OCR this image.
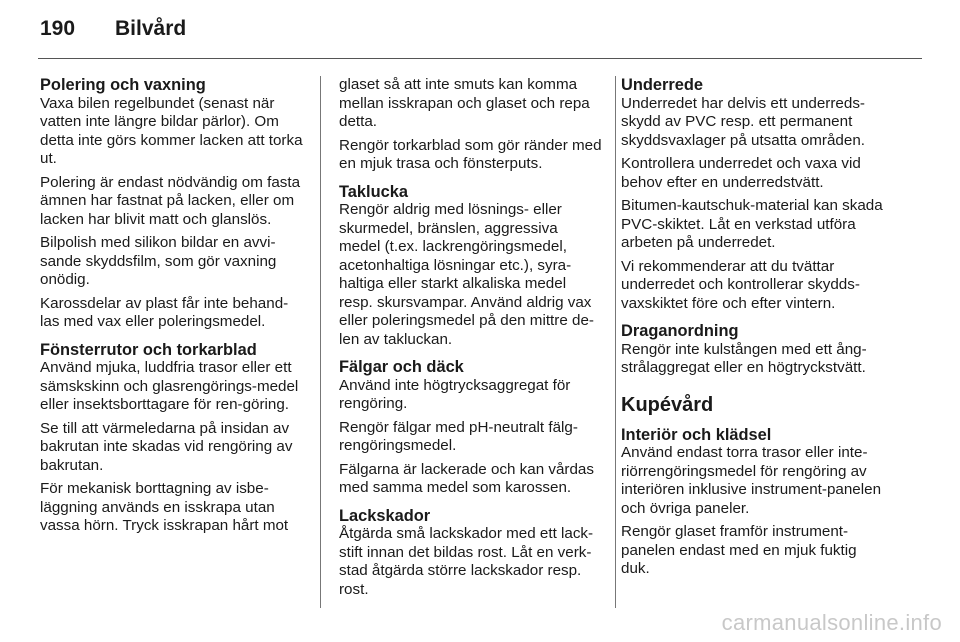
190	Bilvård
Polering och vaxning

Vaxa bilen regelbundet (senast när vatten inte längre bildar pärlor). Om detta inte görs kommer lacken att torka ut.

Polering är endast nödvändig om fasta ämnen har fastnat på lacken, eller om lacken har blivit matt och glanslös.

Bilpolish med silikon bildar en avvi-sande skyddsfilm, som gör vaxning onödig.

Karossdelar av plast får inte behand-las med vax eller poleringsmedel.

Fönsterrutor och torkarblad

Använd mjuka, luddfria trasor eller ett sämskskinn och glasrengörings-medel eller insektsborttagare för ren-göring.

Se till att värmeledarna på insidan av bakrutan inte skadas vid rengöring av bakrutan.

För mekanisk borttagning av isbe-läggning används en isskrapa utan vassa hörn. Tryck isskrapan hårt mot

glaset så att inte smuts kan komma mellan isskrapan och glaset och repa detta.

Rengör torkarblad som gör ränder med en mjuk trasa och fönsterputs.

Taklucka

Rengör aldrig med lösnings- eller skurmedel, bränslen, aggressiva medel (t.ex. lackrengöringsmedel, acetonhaltiga lösningar etc.), syra-haltiga eller starkt alkaliska medel resp. skursvampar. Använd aldrig vax eller poleringsmedel på den mittre de-len av takluckan.

Fälgar och däck

Använd inte högtrycksaggregat för rengöring.

Rengör fälgar med pH-neutralt fälg-rengöringsmedel.

Fälgarna är lackerade och kan vårdas med samma medel som karossen.

Lackskador

Åtgärda små lackskador med ett lack-stift innan det bildas rost. Låt en verk-stad åtgärda större lackskador resp. rost.

Underrede

Underredet har delvis ett underreds-skydd av PVC resp. ett permanent skyddsvaxlager på utsatta områden.

Kontrollera underredet och vaxa vid behov efter en underredstvätt.

Bitumen-kautschuk-material kan skada PVC-skiktet. Låt en verkstad utföra arbeten på underredet.

Vi rekommenderar att du tvättar underredet och kontrollerar skydds-vaxskiktet före och efter vintern.

Draganordning

Rengör inte kulstången med ett ång-strålaggregat eller en högtryckstvätt.

Kupévård
Interiör och klädsel

Använd endast torra trasor eller inte-riörrengöringsmedel för rengöring av interiören inklusive instrument-panelen och övriga paneler.

Rengör glaset framför instrument-panelen endast med en mjuk fuktig duk.

carmanualsonline.info
